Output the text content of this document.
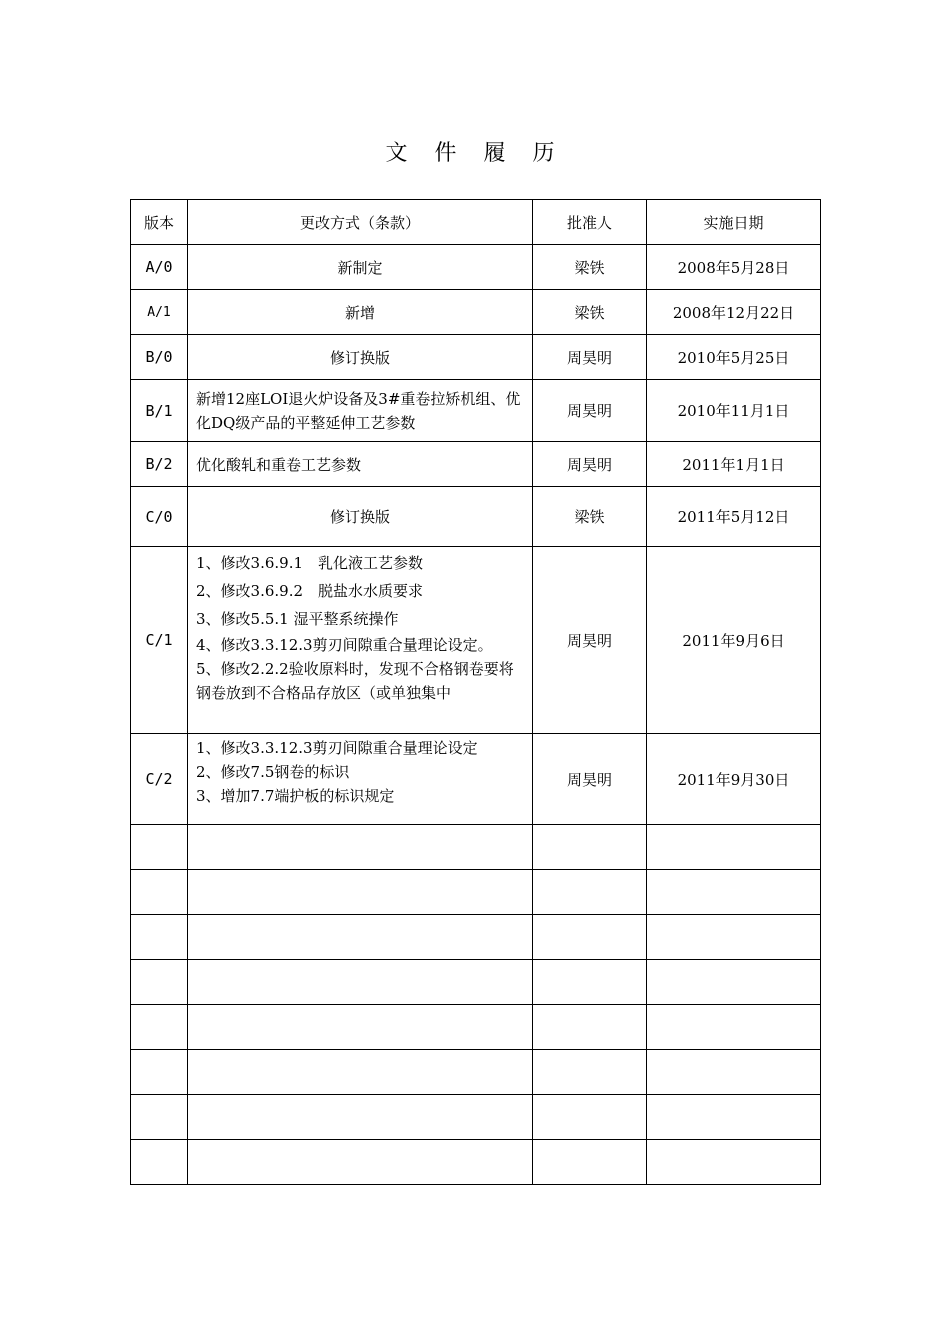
文 件 履 历
版本	更改方式（条款）	批准人	实施日期
A/0	新制定	梁铁	2008年5月28日
A/1	新增	梁铁	2008年12月22日
B/0	修订换版	周昊明	2010年5月25日
B/1	新增12座LOI退火炉设备及3#重卷拉矫机组、优化DQ级产品的平整延伸工艺参数	周昊明	2010年11月1日
B/2	优化酸轧和重卷工艺参数	周昊明	2011年1月1日
C/0	修订换版	梁铁	2011年5月12日
C/1	1、修改3.6.9.1　乳化液工艺参数
2、修改3.6.9.2　脱盐水水质要求
3、修改5.5.1 湿平整系统操作
4、修改3.3.12.3剪刃间隙重合量理论设定。
5、修改2.2.2验收原料时，发现不合格钢卷要将钢卷放到不合格品存放区（或单独集中	周昊明	2011年9月6日
C/2	1、修改3.3.12.3剪刃间隙重合量理论设定
2、修改7.5钢卷的标识
3、增加7.7端护板的标识规定	周昊明	2011年9月30日
